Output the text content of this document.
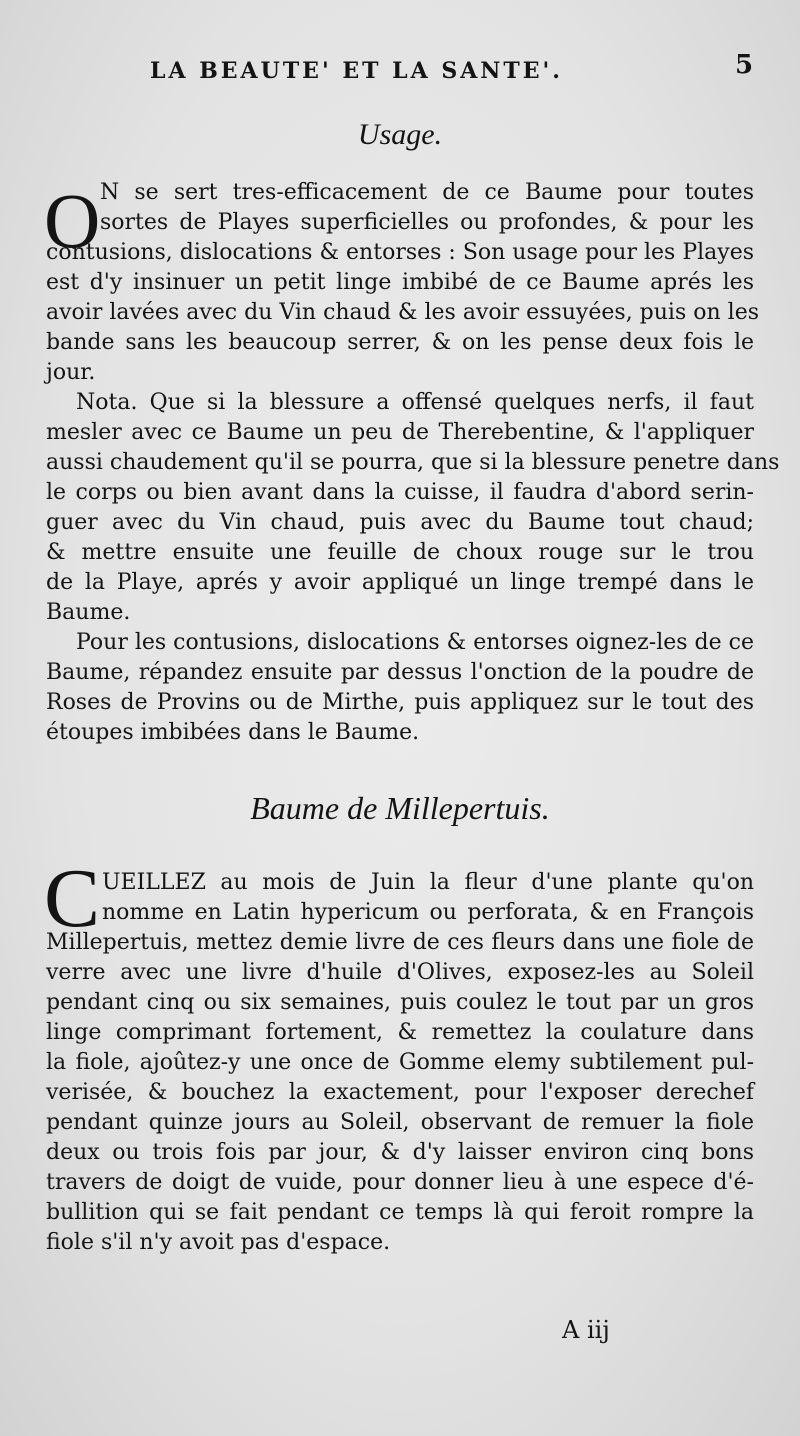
LA BEAUTE' ET LA SANTE'.	5
Usage.
O N se sert tres-efficacement de ce Baume pour toutes
sortes de Playes superficielles ou profondes, & pour les
contusions, dislocations & entorses : Son usage pour les Playes
est d'y insinuer un petit linge imbibé de ce Baume aprés les
avoir lavées avec du Vin chaud & les avoir essuyées, puis on les
bande sans les beaucoup serrer, & on les pense deux fois le
jour.
Nota. Que si la blessure a offensé quelques nerfs, il faut
mesler avec ce Baume un peu de Therebentine, & l'appliquer
aussi chaudement qu'il se pourra, que si la blessure penetre dans
le corps ou bien avant dans la cuisse, il faudra d'abord serin-
guer avec du Vin chaud, puis avec du Baume tout chaud;
& mettre ensuite une feuille de choux rouge sur le trou
de la Playe, aprés y avoir appliqué un linge trempé dans le
Baume.
Pour les contusions, dislocations & entorses oignez-les de ce
Baume, répandez ensuite par dessus l'onction de la poudre de
Roses de Provins ou de Mirthe, puis appliquez sur le tout des
étoupes imbibées dans le Baume.
Baume de Millepertuis.
C UEILLEZ au mois de Juin la fleur d'une plante qu'on
nomme en Latin hypericum ou perforata, & en François
Millepertuis, mettez demie livre de ces fleurs dans une fiole de
verre avec une livre d'huile d'Olives, exposez-les au Soleil
pendant cinq ou six semaines, puis coulez le tout par un gros
linge comprimant fortement, & remettez la coulature dans
la fiole, ajoûtez-y une once de Gomme elemy subtilement pul-
verisée, & bouchez la exactement, pour l'exposer derechef
pendant quinze jours au Soleil, observant de remuer la fiole
deux ou trois fois par jour, & d'y laisser environ cinq bons
travers de doigt de vuide, pour donner lieu à une espece d'é-
bullition qui se fait pendant ce temps là qui feroit rompre la
fiole s'il n'y avoit pas d'espace.
A iij
